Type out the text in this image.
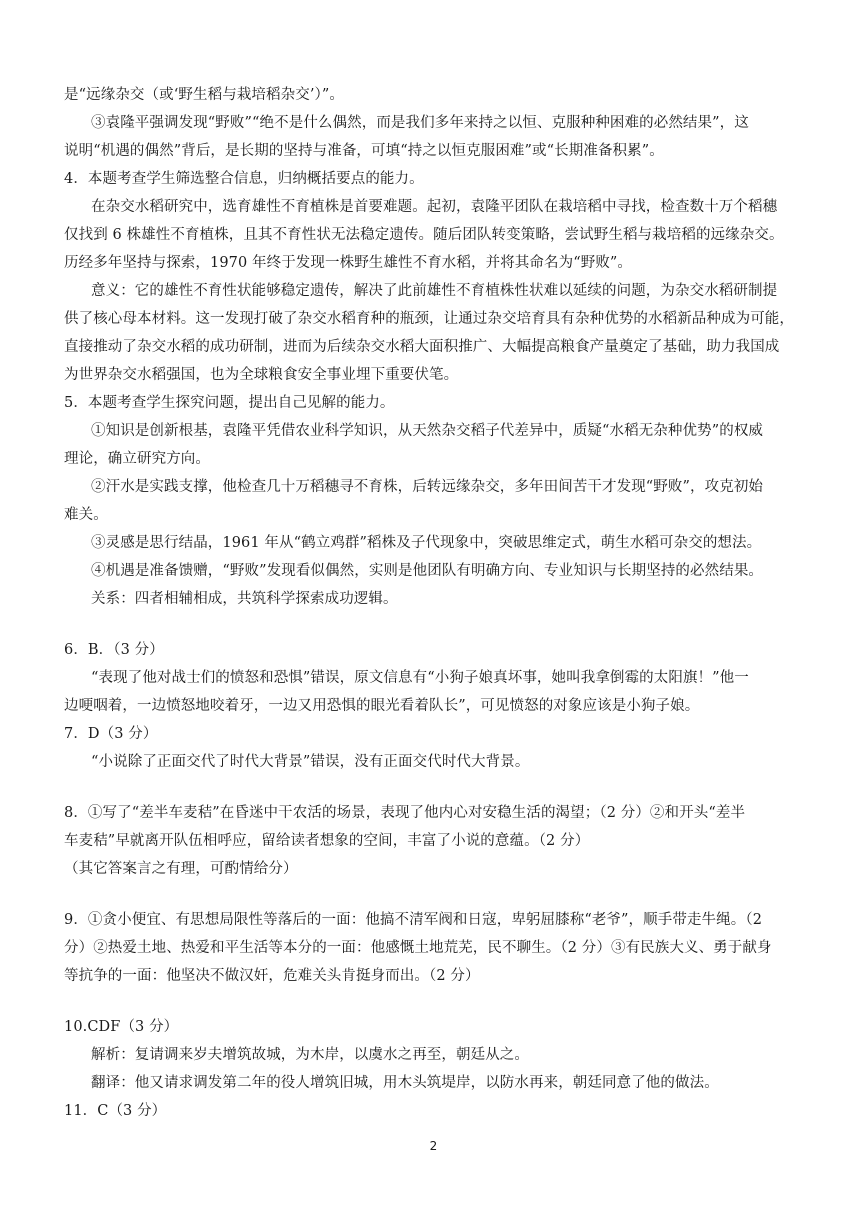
是“远缘杂交（或‘野生稻与栽培稻杂交’）”。
③袁隆平强调发现“野败”“绝不是什么偶然，而是我们多年来持之以恒、克服种种困难的必然结果”，这
说明“机遇的偶然”背后，是长期的坚持与准备，可填“持之以恒克服困难”或“长期准备积累”。
4．本题考查学生筛选整合信息，归纳概括要点的能力。
在杂交水稻研究中，选育雄性不育植株是首要难题。起初，袁隆平团队在栽培稻中寻找，检查数十万个稻穗
仅找到 6 株雄性不育植株，且其不育性状无法稳定遗传。随后团队转变策略，尝试野生稻与栽培稻的远缘杂交。
历经多年坚持与探索，1970 年终于发现一株野生雄性不育水稻，并将其命名为“野败”。
意义：它的雄性不育性状能够稳定遗传，解决了此前雄性不育植株性状难以延续的问题，为杂交水稻研制提
供了核心母本材料。这一发现打破了杂交水稻育种的瓶颈，让通过杂交培育具有杂种优势的水稻新品种成为可能，
直接推动了杂交水稻的成功研制，进而为后续杂交水稻大面积推广、大幅提高粮食产量奠定了基础，助力我国成
为世界杂交水稻强国，也为全球粮食安全事业埋下重要伏笔。
5．本题考查学生探究问题，提出自己见解的能力。
①知识是创新根基，袁隆平凭借农业科学知识，从天然杂交稻子代差异中，质疑“水稻无杂种优势”的权威
理论，确立研究方向。
②汗水是实践支撑，他检查几十万稻穗寻不育株，后转远缘杂交，多年田间苦干才发现“野败”，攻克初始
难关。
③灵感是思行结晶，1961 年从“鹤立鸡群”稻株及子代现象中，突破思维定式，萌生水稻可杂交的想法。
④机遇是准备馈赠，“野败”发现看似偶然，实则是他团队有明确方向、专业知识与长期坚持的必然结果。
关系：四者相辅相成，共筑科学探索成功逻辑。
6．B．（3 分）
“表现了他对战士们的愤怒和恐惧”错误，原文信息有“小狗子娘真坏事，她叫我拿倒霉的太阳旗！”他一
边哽咽着，一边愤怒地咬着牙，一边又用恐惧的眼光看着队长”，可见愤怒的对象应该是小狗子娘。
7．D（3 分）
“小说除了正面交代了时代大背景”错误，没有正面交代时代大背景。
8．①写了“差半车麦秸”在昏迷中干农活的场景，表现了他内心对安稳生活的渴望；（2 分）②和开头“差半
车麦秸”早就离开队伍相呼应，留给读者想象的空间，丰富了小说的意蕴。（2 分）
（其它答案言之有理，可酌情给分）
9．①贪小便宜、有思想局限性等落后的一面：他搞不清军阀和日寇，卑躬屈膝称“老爷”，顺手带走牛绳。（2
分）②热爱土地、热爱和平生活等本分的一面：他感慨土地荒芜，民不聊生。（2 分）③有民族大义、勇于献身
等抗争的一面：他坚决不做汉奸，危难关头肯挺身而出。（2 分）
10.CDF（3 分）
解析：复请调来岁夫增筑故城，为木岸，以虞水之再至，朝廷从之。
翻译：他又请求调发第二年的役人增筑旧城，用木头筑堤岸，以防水再来，朝廷同意了他的做法。
11．C（3 分）
2
